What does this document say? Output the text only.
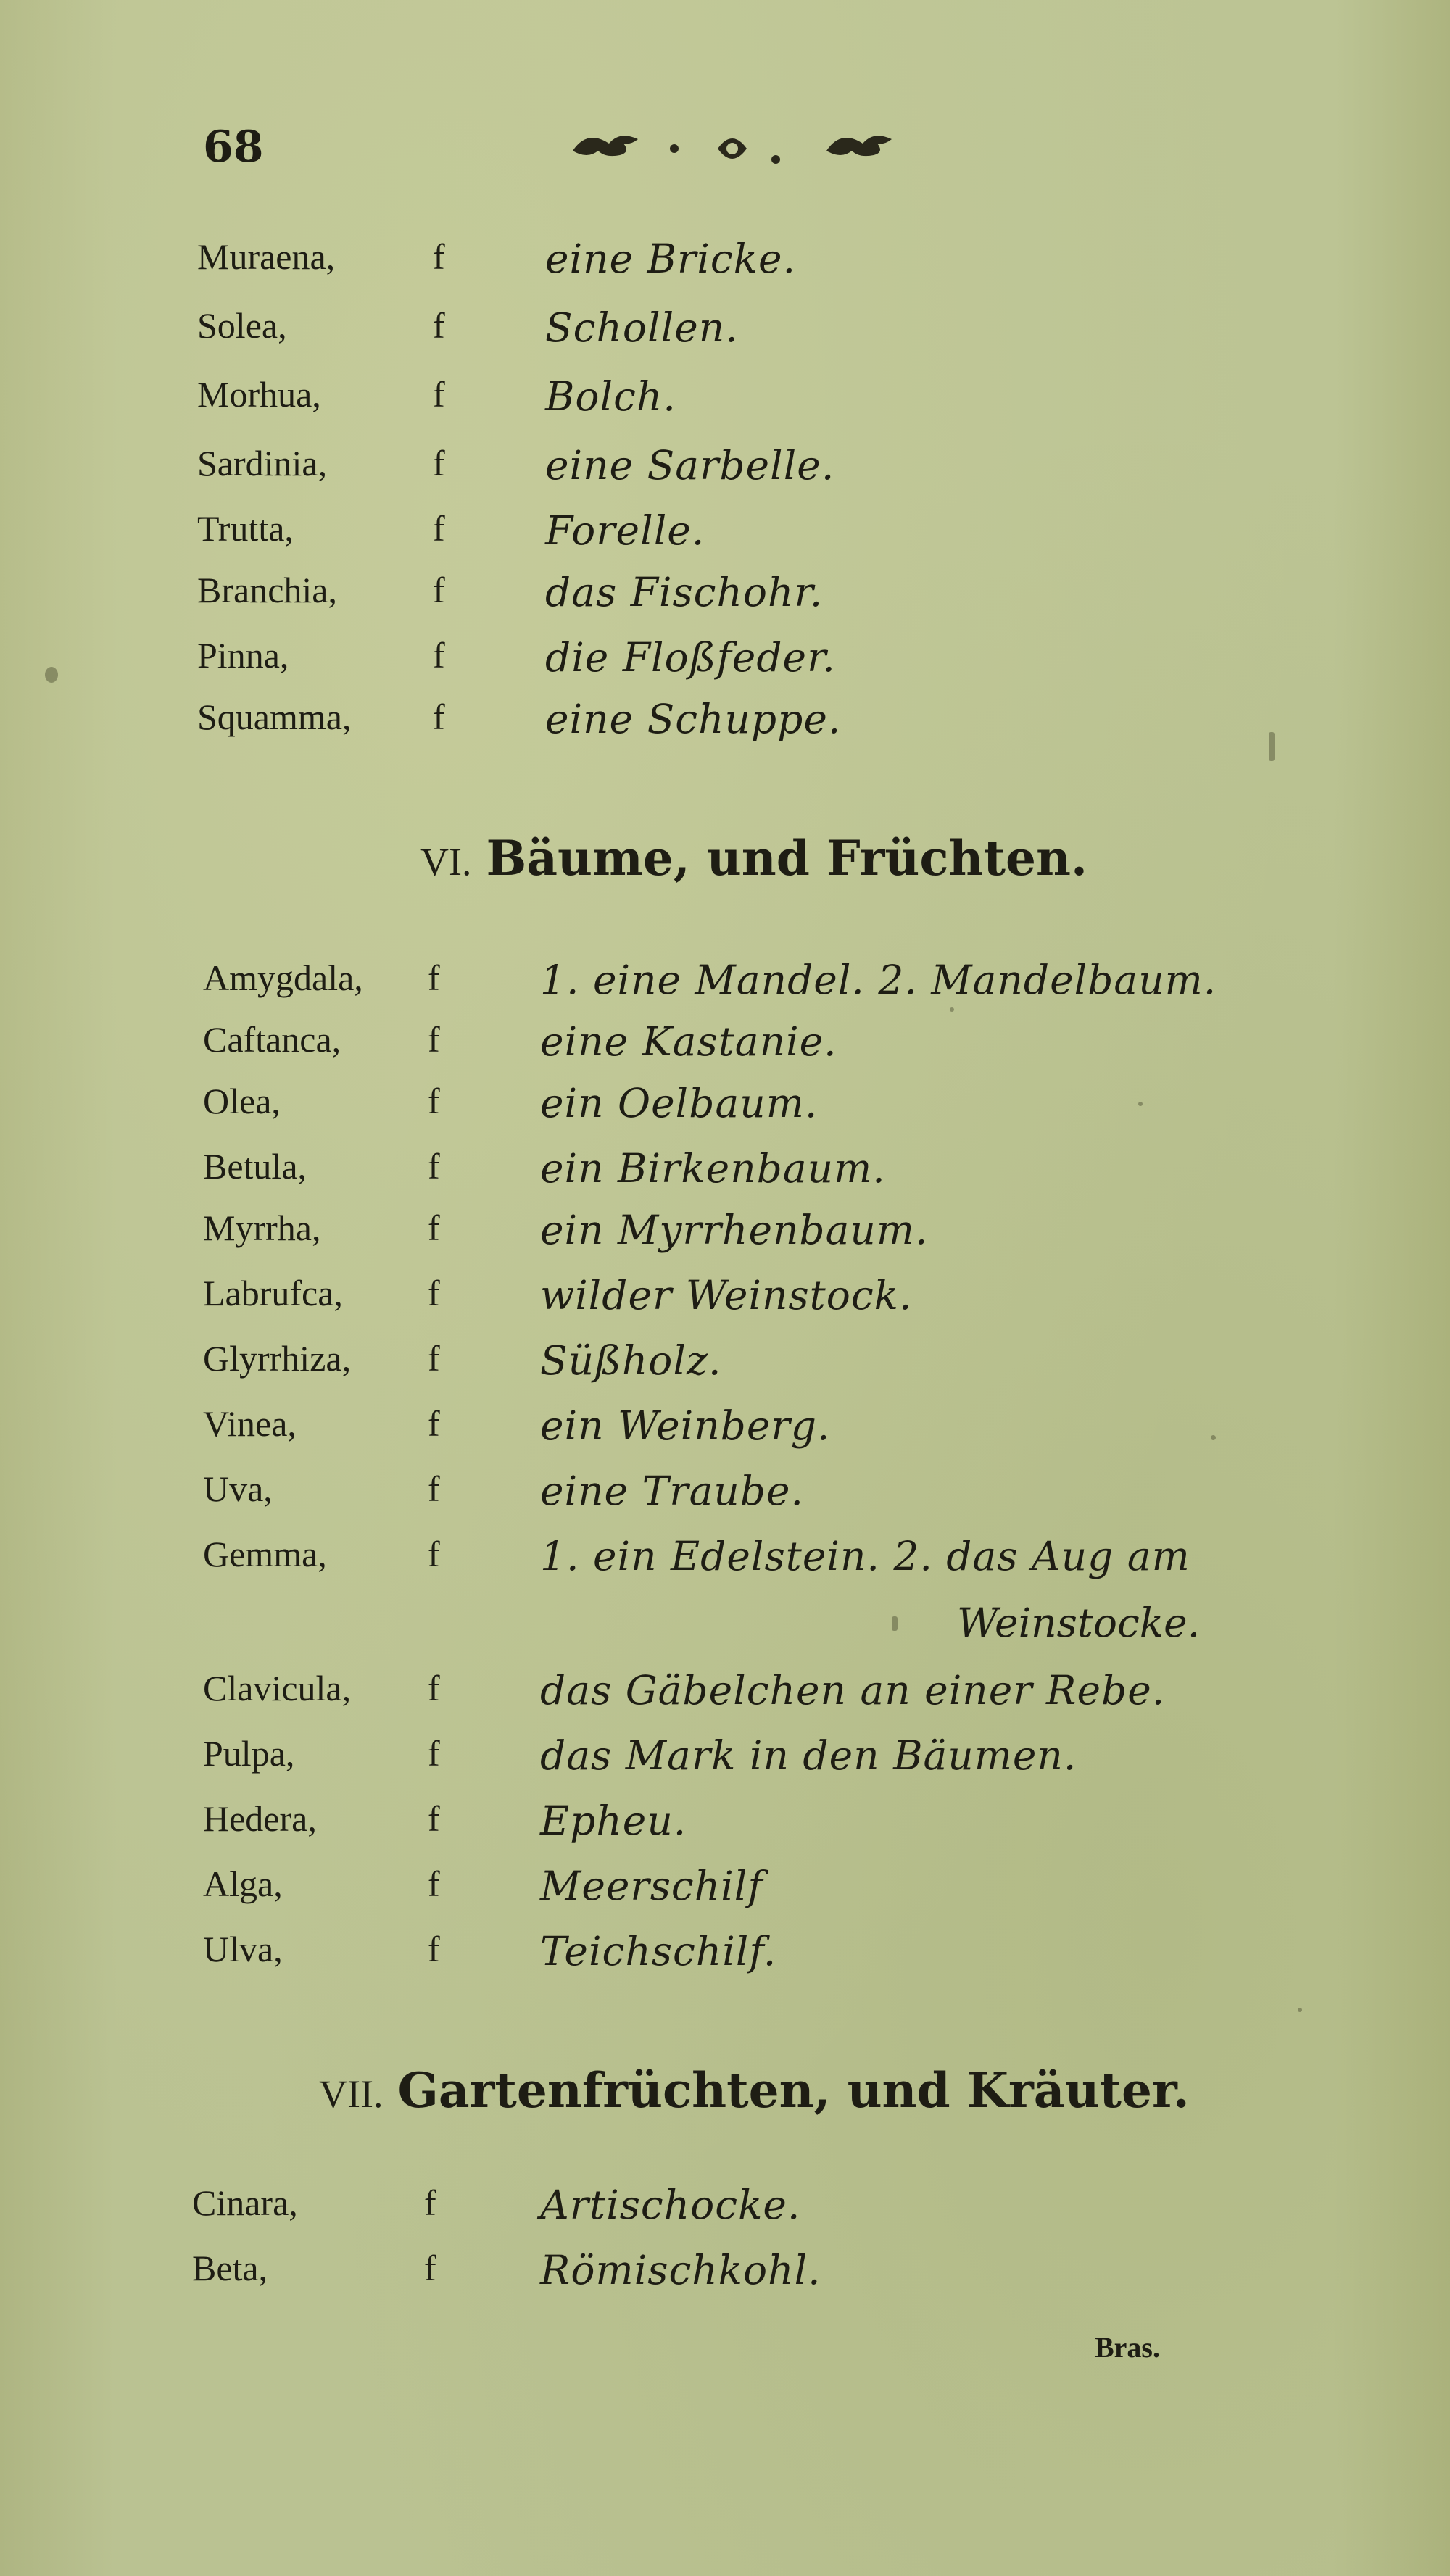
68
Muraena,	f	eine Bricke.
Solea,	f	Schollen.
Morhua,	f	Bolch.
Sardinia,	f	eine Sarbelle.
Trutta,	f	Forelle.
Branchia,	f	das Fischohr.
Pinna,	f	die Floßfeder.
Squamma, f	eine Schuppe.
VI. Bäume, und Früchten.
Amygdala, f	1. eine Mandel. 2. Mandelbaum.
Caftanca, f	eine Kastanie.
Olea,	f	ein Oelbaum.
Betula,	f	ein Birkenbaum.
Myrrha,	f	ein Myrrhenbaum.
Labrufca, f	wilder Weinstock.
Glyrrhiza, f	Süßholz.
Vinea,	f	ein Weinberg.
Uva,	f	eine Traube.
Gemma,	f	1. ein Edelstein. 2. das Aug am
Weinstocke.
Clavicula, f	das Gäbelchen an einer Rebe.
Pulpa,	f	das Mark in den Bäumen.
Hedera,	f	Epheu.
Alga,	f	Meerschilf
Ulva,	f	Teichschilf.
VII. Gartenfrüchten, und Kräuter.
Cinara,	f	Artischocke.
Beta,	f	Römischkohl.
Bras.
